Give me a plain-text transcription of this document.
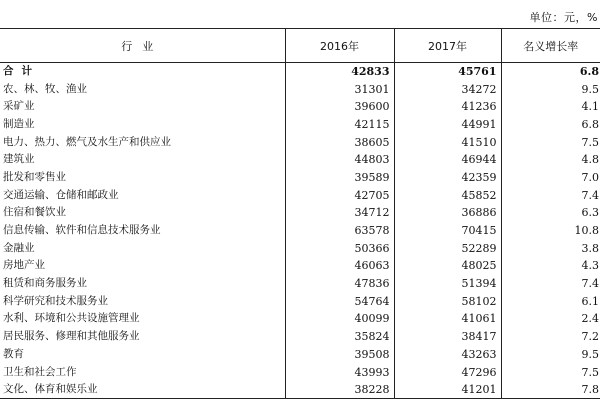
单位：元，%
行业	2016年	2017年	名义增长率
合计	42833	45761	6.8
农、林、牧、渔业	31301	34272	9.5
采矿业	39600	41236	4.1
制造业	42115	44991	6.8
电力、热力、燃气及水生产和供应业	38605	41510	7.5
建筑业	44803	46944	4.8
批发和零售业	39589	42359	7.0
交通运输、仓储和邮政业	42705	45852	7.4
住宿和餐饮业	34712	36886	6.3
信息传输、软件和信息技术服务业	63578	70415	10.8
金融业	50366	52289	3.8
房地产业	46063	48025	4.3
租赁和商务服务业	47836	51394	7.4
科学研究和技术服务业	54764	58102	6.1
水利、环境和公共设施管理业	40099	41061	2.4
居民服务、修理和其他服务业	35824	38417	7.2
教育	39508	43263	9.5
卫生和社会工作	43993	47296	7.5
文化、体育和娱乐业	38228	41201	7.8
